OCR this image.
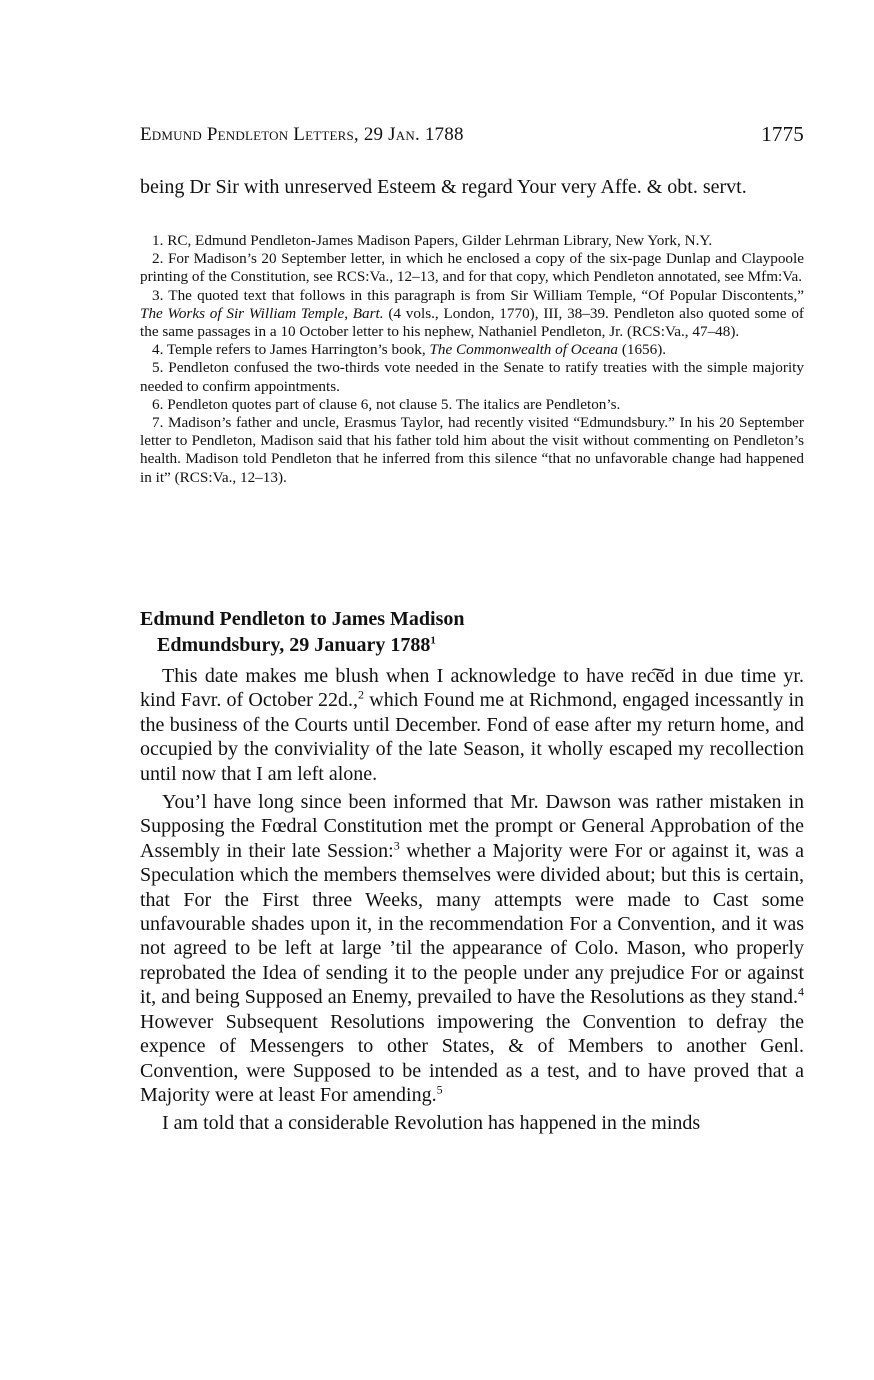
Edmund Pendleton Letters, 29 Jan. 1788	1775

being Dr Sir with unreserved Esteem & regard Your very Affe. & obt. servt.

1. RC, Edmund Pendleton-James Madison Papers, Gilder Lehrman Library, New York, N.Y.

2. For Madison’s 20 September letter, in which he enclosed a copy of the six-page Dunlap and Claypoole printing of the Constitution, see RCS:Va., 12–13, and for that copy, which Pendleton annotated, see Mfm:Va.

3. The quoted text that follows in this paragraph is from Sir William Temple, “Of Popular Discontents,” The Works of Sir William Temple, Bart. (4 vols., London, 1770), III, 38–39. Pendleton also quoted some of the same passages in a 10 October letter to his nephew, Nathaniel Pendleton, Jr. (RCS:Va., 47–48).

4. Temple refers to James Harrington’s book, The Commonwealth of Oceana (1656).

5. Pendleton confused the two-thirds vote needed in the Senate to ratify treaties with the simple majority needed to confirm appointments.

6. Pendleton quotes part of clause 6, not clause 5. The italics are Pendleton’s.

7. Madison’s father and uncle, Erasmus Taylor, had recently visited “Edmundsbury.” In his 20 September letter to Pendleton, Madison said that his father told him about the visit without commenting on Pendleton’s health. Madison told Pendleton that he inferred from this silence “that no unfavorable change had happened in it” (RCS:Va., 12–13).

Edmund Pendleton to James Madison
Edmundsbury, 29 January 1788$^1$

This date makes me blush when I acknowledge to have rec͠ed in due time yr. kind Favr. of October 22d.,$^2$ which Found me at Richmond, engaged incessantly in the business of the Courts until December. Fond of ease after my return home, and occupied by the conviviality of the late Season, it wholly escaped my recollection until now that I am left alone.

You’l have long since been informed that Mr. Dawson was rather mistaken in Supposing the Fœdral Constitution met the prompt or General Approbation of the Assembly in their late Session:$^3$ whether a Majority were For or against it, was a Speculation which the members themselves were divided about; but this is certain, that For the First three Weeks, many attempts were made to Cast some unfavourable shades upon it, in the recommendation For a Convention, and it was not agreed to be left at large ’til the appearance of Colo. Mason, who properly reprobated the Idea of sending it to the people under any prejudice For or against it, and being Supposed an Enemy, prevailed to have the Resolutions as they stand.$^4$ However Subsequent Resolutions impowering the Convention to defray the expence of Messengers to other States, & of Members to another Genl. Convention, were Supposed to be intended as a test, and to have proved that a Majority were at least For amending.$^5$

I am told that a considerable Revolution has happened in the minds
